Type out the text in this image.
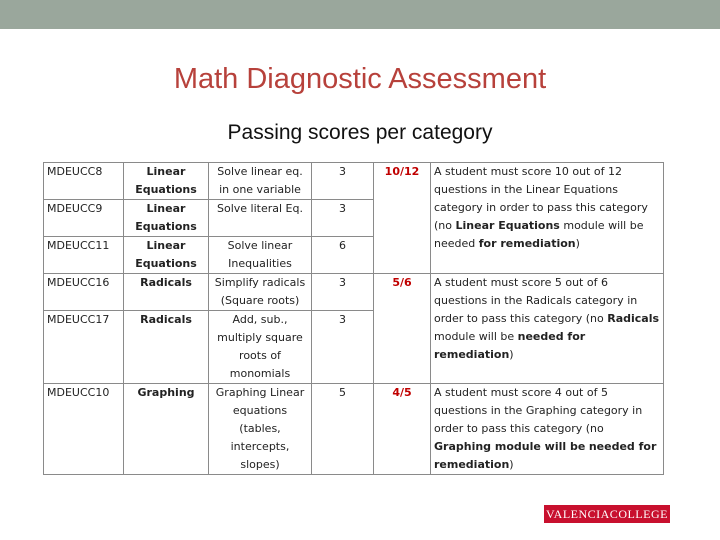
Math Diagnostic Assessment
Passing scores per category
MDEUCC8	Linear Equations	Solve linear eq. in one variable	3	10/12	A student must score 10 out of 12 questions in the Linear Equations category in order to pass this category (no Linear Equations module will be needed for remediation)
MDEUCC9	Linear Equations	Solve literal Eq.	3		
MDEUCC11	Linear Equations	Solve linear Inequalities	6		
MDEUCC16	Radicals	Simplify radicals (Square roots)	3	5/6	A student must score 5 out of 6 questions in the Radicals category in order to pass this category (no Radicals module will be needed for remediation)
MDEUCC17	Radicals	Add, sub., multiply square roots of monomials	3		
MDEUCC10	Graphing	Graphing Linear equations (tables, intercepts, slopes)	5	4/5	A student must score 4 out of 5 questions in the Graphing category in order to pass this category (no Graphing module will be needed for remediation)
VALENCIACOLLEGE
